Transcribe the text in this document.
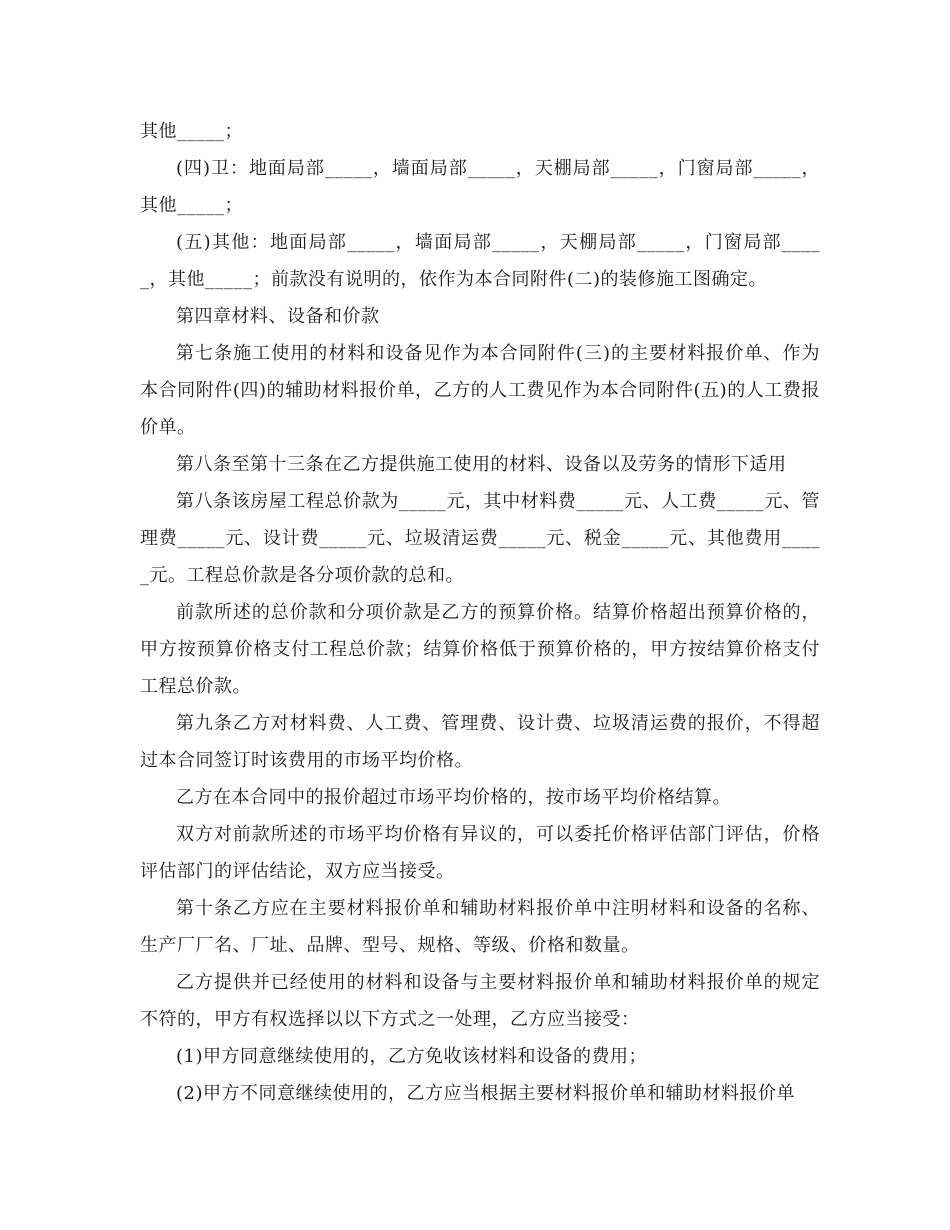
其他_____；

(四)卫：地面局部_____，墙面局部_____，天棚局部_____，门窗局部_____，其他_____；

(五)其他：地面局部_____，墙面局部_____，天棚局部_____，门窗局部_____，其他_____；前款没有说明的，依作为本合同附件(二)的装修施工图确定。

第四章材料、设备和价款

第七条施工使用的材料和设备见作为本合同附件(三)的主要材料报价单、作为本合同附件(四)的辅助材料报价单，乙方的人工费见作为本合同附件(五)的人工费报价单。

第八条至第十三条在乙方提供施工使用的材料、设备以及劳务的情形下适用

第八条该房屋工程总价款为_____元，其中材料费_____元、人工费_____元、管理费_____元、设计费_____元、垃圾清运费_____元、税金_____元、其他费用_____元。工程总价款是各分项价款的总和。

前款所述的总价款和分项价款是乙方的预算价格。结算价格超出预算价格的，甲方按预算价格支付工程总价款；结算价格低于预算价格的，甲方按结算价格支付工程总价款。

第九条乙方对材料费、人工费、管理费、设计费、垃圾清运费的报价，不得超过本合同签订时该费用的市场平均价格。

乙方在本合同中的报价超过市场平均价格的，按市场平均价格结算。

双方对前款所述的市场平均价格有异议的，可以委托价格评估部门评估，价格评估部门的评估结论，双方应当接受。

第十条乙方应在主要材料报价单和辅助材料报价单中注明材料和设备的名称、生产厂厂名、厂址、品牌、型号、规格、等级、价格和数量。

乙方提供并已经使用的材料和设备与主要材料报价单和辅助材料报价单的规定不符的，甲方有权选择以以下方式之一处理，乙方应当接受：

(1)甲方同意继续使用的，乙方免收该材料和设备的费用；

(2)甲方不同意继续使用的，乙方应当根据主要材料报价单和辅助材料报价单
